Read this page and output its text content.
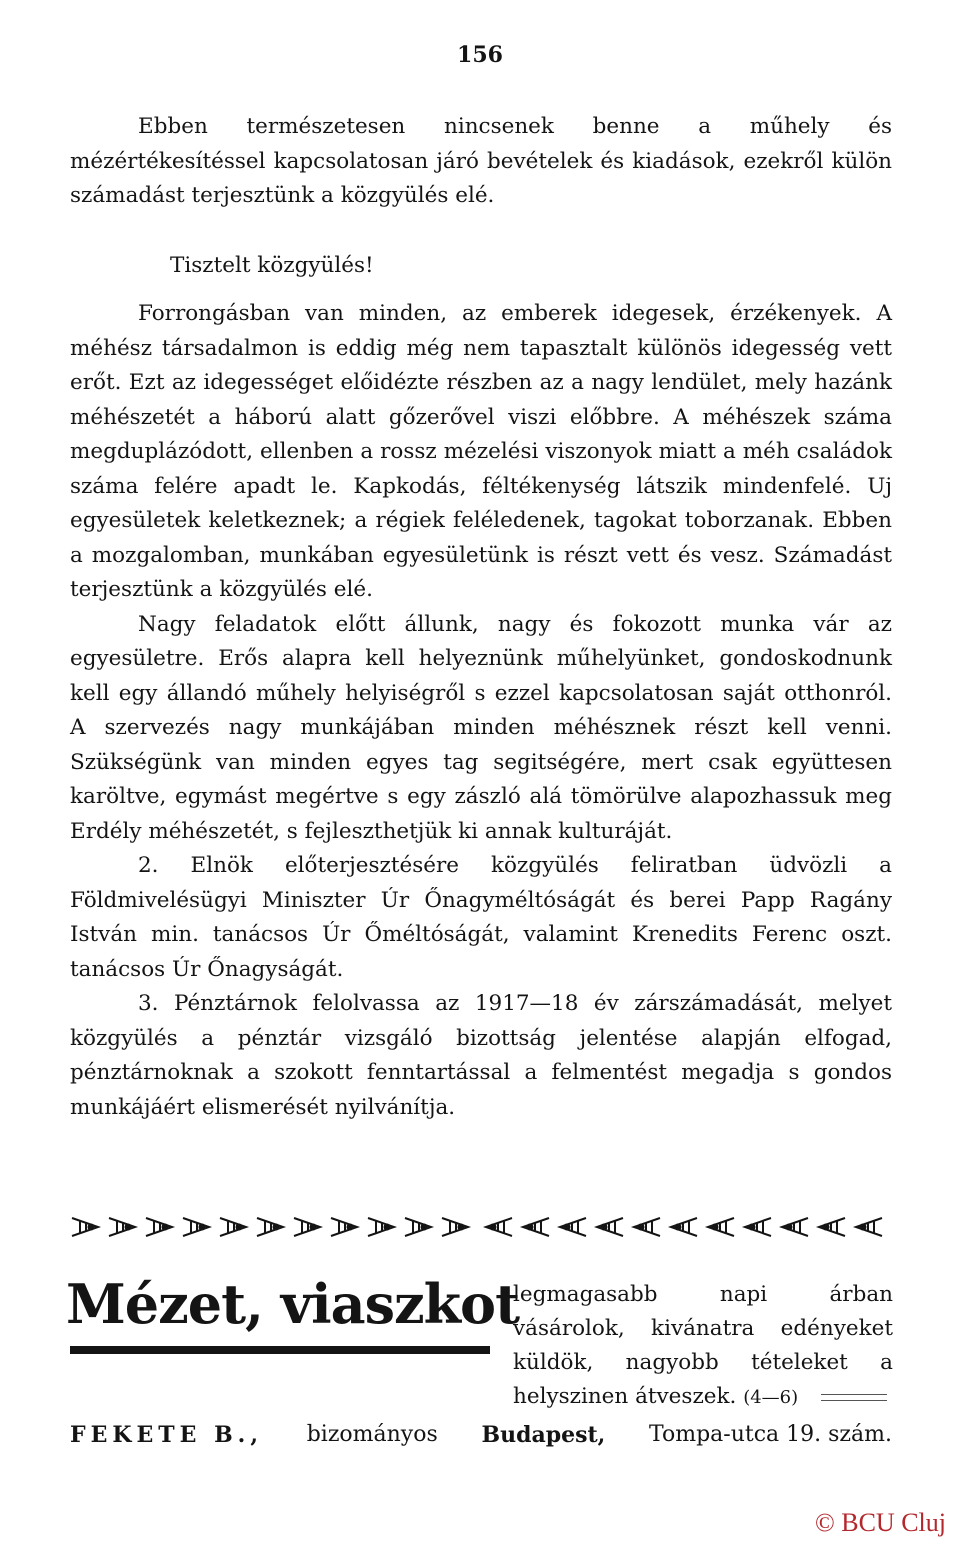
156

Ebben természetesen nincsenek benne a műhely és mézértékesítéssel kapcsolatosan járó bevételek és kiadások, ezekről külön számadást terjesztünk a közgyülés elé.

Tisztelt közgyülés!

Forrongásban van minden, az emberek idegesek, érzékenyek. A méhész társadalmon is eddig még nem tapasztalt különös idegesség vett erőt. Ezt az idegességet előidézte részben az a nagy lendület, mely hazánk méhészetét a háború alatt gőzerővel viszi előbbre. A méhészek száma megduplázódott, ellenben a rossz mézelési viszonyok miatt a méh családok száma felére apadt le. Kapkodás, féltékenység látszik mindenfelé. Uj egyesületek keletkeznek; a régiek feléledenek, tagokat toborzanak. Ebben a mozgalomban, munkában egyesületünk is részt vett és vesz. Számadást terjesztünk a közgyülés elé.

Nagy feladatok előtt állunk, nagy és fokozott munka vár az egyesületre. Erős alapra kell helyeznünk műhelyünket, gondoskodnunk kell egy állandó műhely helyiségről s ezzel kapcsolatosan saját otthonról. A szervezés nagy munkájában minden méhésznek részt kell venni. Szükségünk van minden egyes tag segitségére, mert csak együttesen karöltve, egymást megértve s egy zászló alá tömörülve alapozhassuk meg Erdély méhészetét, s fejleszthetjük ki annak kulturáját.

2. Elnök előterjesztésére közgyülés feliratban üdvözli a Földmivelésügyi Miniszter Úr Őnagyméltóságát és berei Papp Ragány István min. tanácsos Úr Őméltóságát, valamint Krenedits Ferenc oszt. tanácsos Úr Őnagyságát.

3. Pénztárnok felolvassa az 1917—18 év zárszámadását, melyet közgyülés a pénztár vizsgáló bizottság jelentése alapján elfogad, pénztárnoknak a szokott fenntartással a felmentést megadja s gondos munkájáért elismerését nyilvánítja.

Mézet, viaszkot
legmagasabb napi árban vásárolok, kivánatra edényeket küldök, nagyobb tételeket a helyszinen átveszek. (4—6)
FEKETE B., bizományos Budapest, Tompa-utca 19. szám.
© BCU Cluj
